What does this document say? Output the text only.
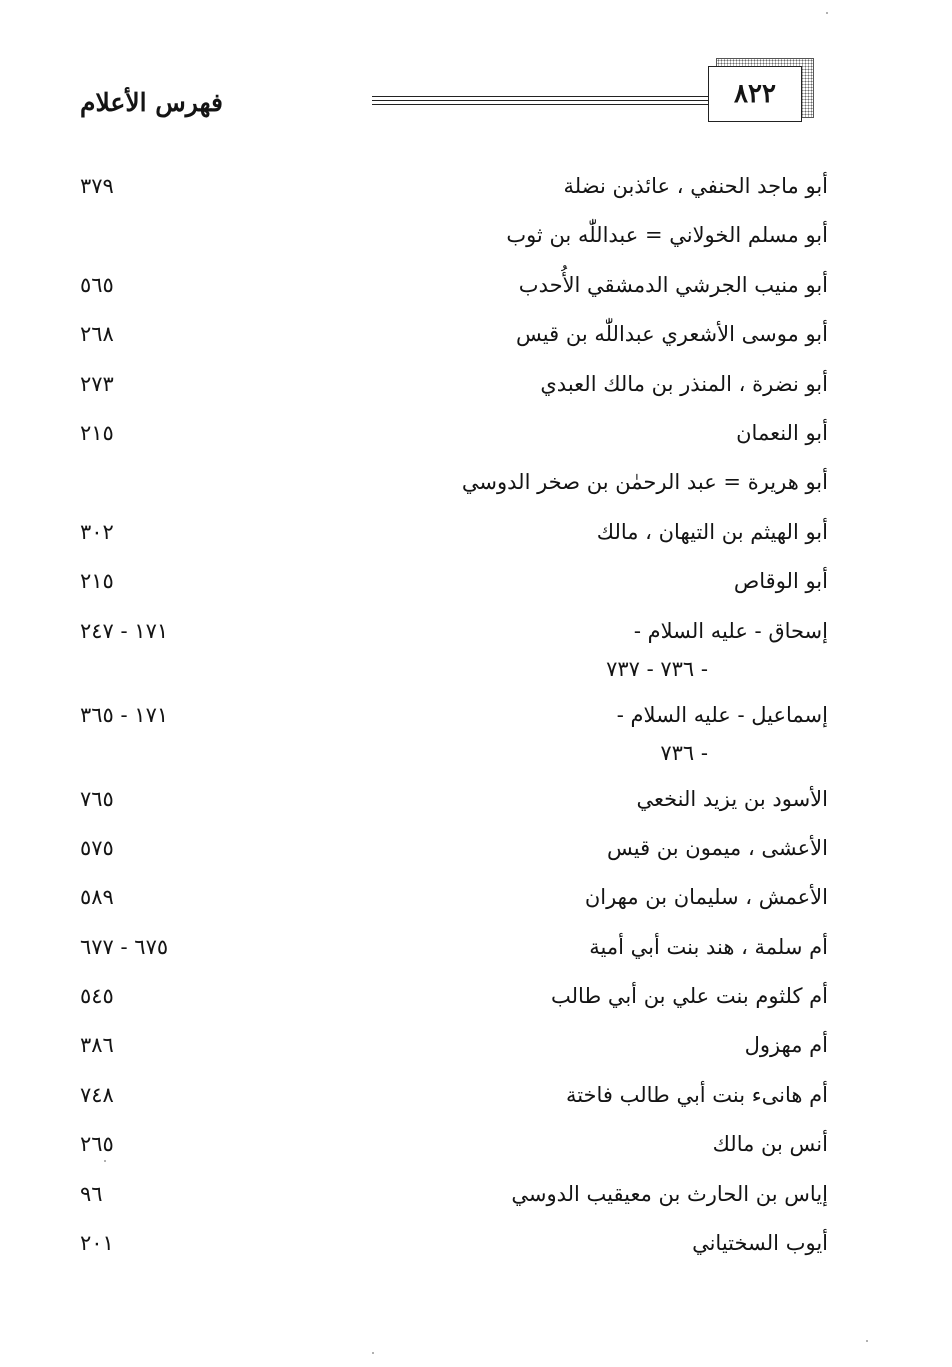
فهرس الأعلام	٨٢٢
أبو ماجد الحنفي ، عائذبن نضلة
٣٧٩
أبو مسلم الخولاني = عبداللّٰه بن ثوب
أبو منيب الجرشي الدمشقي الأُحدب
٥٦٥
أبو موسى الأشعري عبداللّٰه بن قيس
٢٦٨
أبو نضرة ، المنذر بن مالك العبدي
٢٧٣
أبو النعمان
٢١٥
أبو هريرة = عبد الرحمٰن بن صخر الدوسي
أبو الهيثم بن التيهان ، مالك
٣٠٢
أبو الوقاص
٢١٥
إسحاق - عليه السلام -
١٧١ - ٢٤٧
- ٧٣٦ - ٧٣٧
إسماعيل - عليه السلام -
١٧١ - ٣٦٥
- ٧٣٦
الأسود بن يزيد النخعي
٧٦٥
الأعشى ، ميمون بن قيس
٥٧٥
الأعمش ، سليمان بن مهران
٥٨٩
أم سلمة ، هند بنت أبي أمية
٦٧٥ - ٦٧٧
أم كلثوم بنت علي بن أبي طالب
٥٤٥
أم مهزول
٣٨٦
أم هانىء بنت أبي طالب فاختة
٧٤٨
أنس بن مالك
٢٦٥
إياس بن الحارث بن معيقيب الدوسي
٩٦
أيوب السختياني
٢٠١
